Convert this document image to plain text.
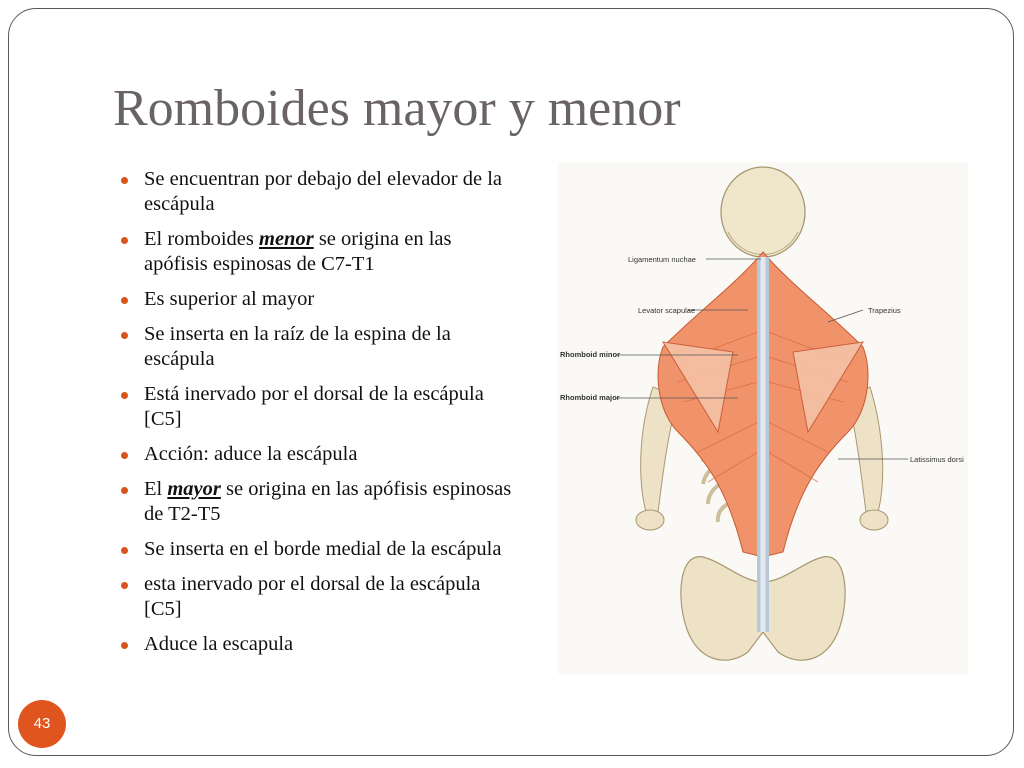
Romboides mayor y menor
Se encuentran por debajo del elevador de la escápula
El romboides menor se origina en las apófisis espinosas de C7-T1
Es superior al mayor
Se inserta en la raíz de la espina de la escápula
Está inervado por el dorsal de la escápula [C5]
Acción: aduce la escápula
El mayor se origina en las apófisis espinosas de T2-T5
Se inserta en el borde medial de la escápula
esta inervado por el dorsal de la escápula [C5]
Aduce la escapula
Ligamentum nuchae
Levator scapulae	Trapezius
Rhomboid minor
Rhomboid major
Latissimus dorsi
43
